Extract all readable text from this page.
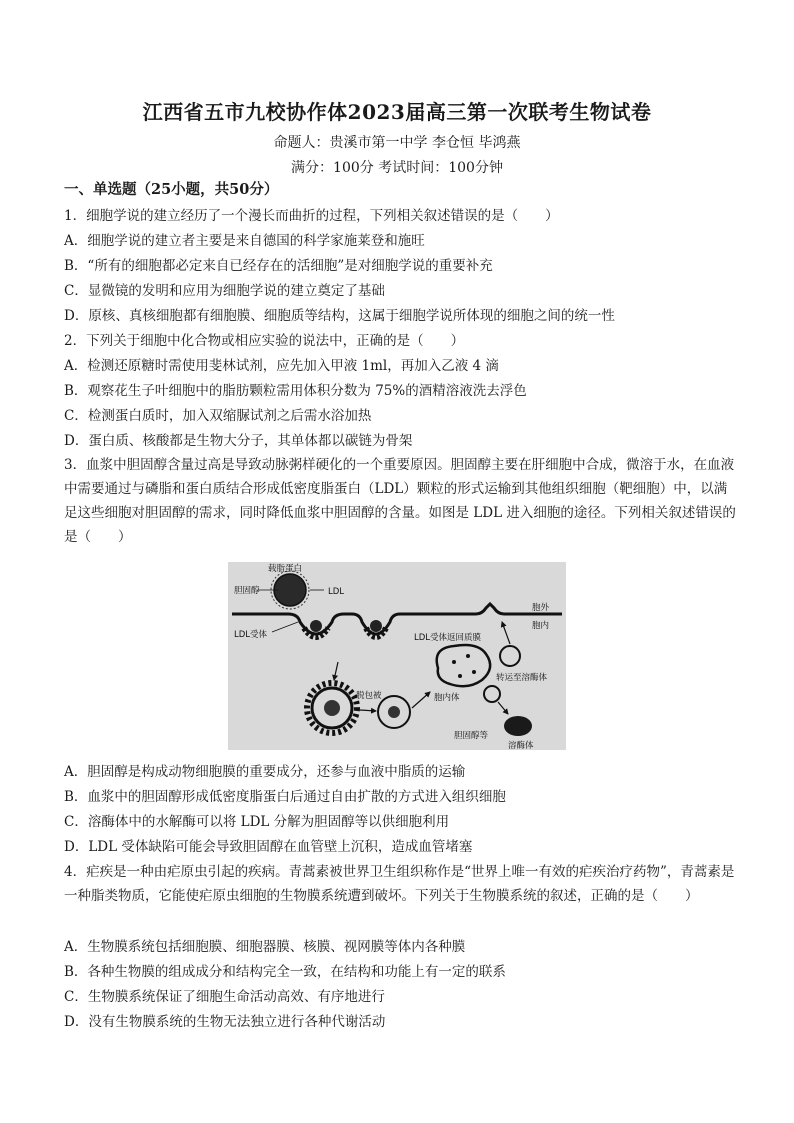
江西省五市九校协作体2023届高三第一次联考生物试卷
命题人：贵溪市第一中学 李仓恒 毕鸿燕
满分：100分 考试时间：100分钟
一、单选题（25小题，共50分）
1．细胞学说的建立经历了一个漫长而曲折的过程，下列相关叙述错误的是（　　）
A．细胞学说的建立者主要是来自德国的科学家施莱登和施旺
B．“所有的细胞都必定来自已经存在的活细胞”是对细胞学说的重要补充
C．显微镜的发明和应用为细胞学说的建立奠定了基础
D．原核、真核细胞都有细胞膜、细胞质等结构，这属于细胞学说所体现的细胞之间的统一性
2．下列关于细胞中化合物或相应实验的说法中，正确的是（　　）
A．检测还原糖时需使用斐林试剂，应先加入甲液 1ml，再加入乙液 4 滴
B．观察花生子叶细胞中的脂肪颗粒需用体积分数为 75%的酒精溶液洗去浮色
C．检测蛋白质时，加入双缩脲试剂之后需水浴加热
D．蛋白质、核酸都是生物大分子，其单体都以碳链为骨架
3．血浆中胆固醇含量过高是导致动脉粥样硬化的一个重要原因。胆固醇主要在肝细胞中合成，微溶于水，在血液中需要通过与磷脂和蛋白质结合形成低密度脂蛋白（LDL）颗粒的形式运输到其他组织细胞（靶细胞）中，以满足这些细胞对胆固醇的需求，同时降低血浆中胆固醇的含量。如图是 LDL 进入细胞的途径。下列相关叙述错误的是（　　）
载脂蛋白
胆固醇	LDL
胞外
胞内
LDL受体
脱包被	胞内体
LDL受体返回质膜
转运至溶酶体
胆固醇等
溶酶体
A．胆固醇是构成动物细胞膜的重要成分，还参与血液中脂质的运输
B．血浆中的胆固醇形成低密度脂蛋白后通过自由扩散的方式进入组织细胞
C．溶酶体中的水解酶可以将 LDL 分解为胆固醇等以供细胞利用
D．LDL 受体缺陷可能会导致胆固醇在血管壁上沉积，造成血管堵塞
4．疟疾是一种由疟原虫引起的疾病。青蒿素被世界卫生组织称作是“世界上唯一有效的疟疾治疗药物”，青蒿素是一种脂类物质，它能使疟原虫细胞的生物膜系统遭到破坏。下列关于生物膜系统的叙述，正确的是（　　）
A．生物膜系统包括细胞膜、细胞器膜、核膜、视网膜等体内各种膜
B．各种生物膜的组成成分和结构完全一致，在结构和功能上有一定的联系
C．生物膜系统保证了细胞生命活动高效、有序地进行
D．没有生物膜系统的生物无法独立进行各种代谢活动
